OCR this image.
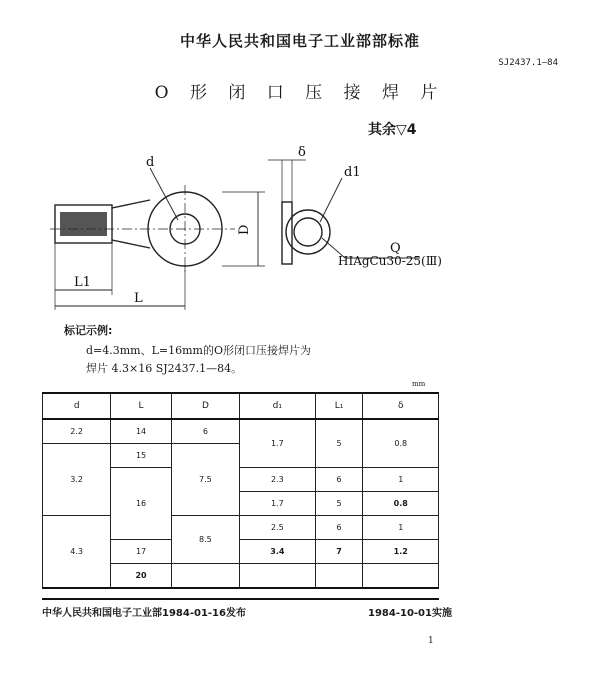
中华人民共和国电子工业部部标准
SJ2437.1—84
O 形 闭 口 压 接 焊 片
其余▽4
d
D
L1
L
δ
d1
Q
HIAgCu30-25(Ⅲ)
标记示例:
d=4.3mm、L=16mm的O形闭口压接焊片为
焊片 4.3×16 SJ2437.1—84。
mm
d	L	D	d₁	L₁	δ
2.2	14	6	1.7	5	0.8
3.2	15	7.5			
	16		2.3	6	1
			1.7	5	0.8
4.3		8.5	2.5	6	1
	17		3.4	7	1.2
	20				
中华人民共和国电子工业部1984-01-16发布	1984-10-01实施
1
